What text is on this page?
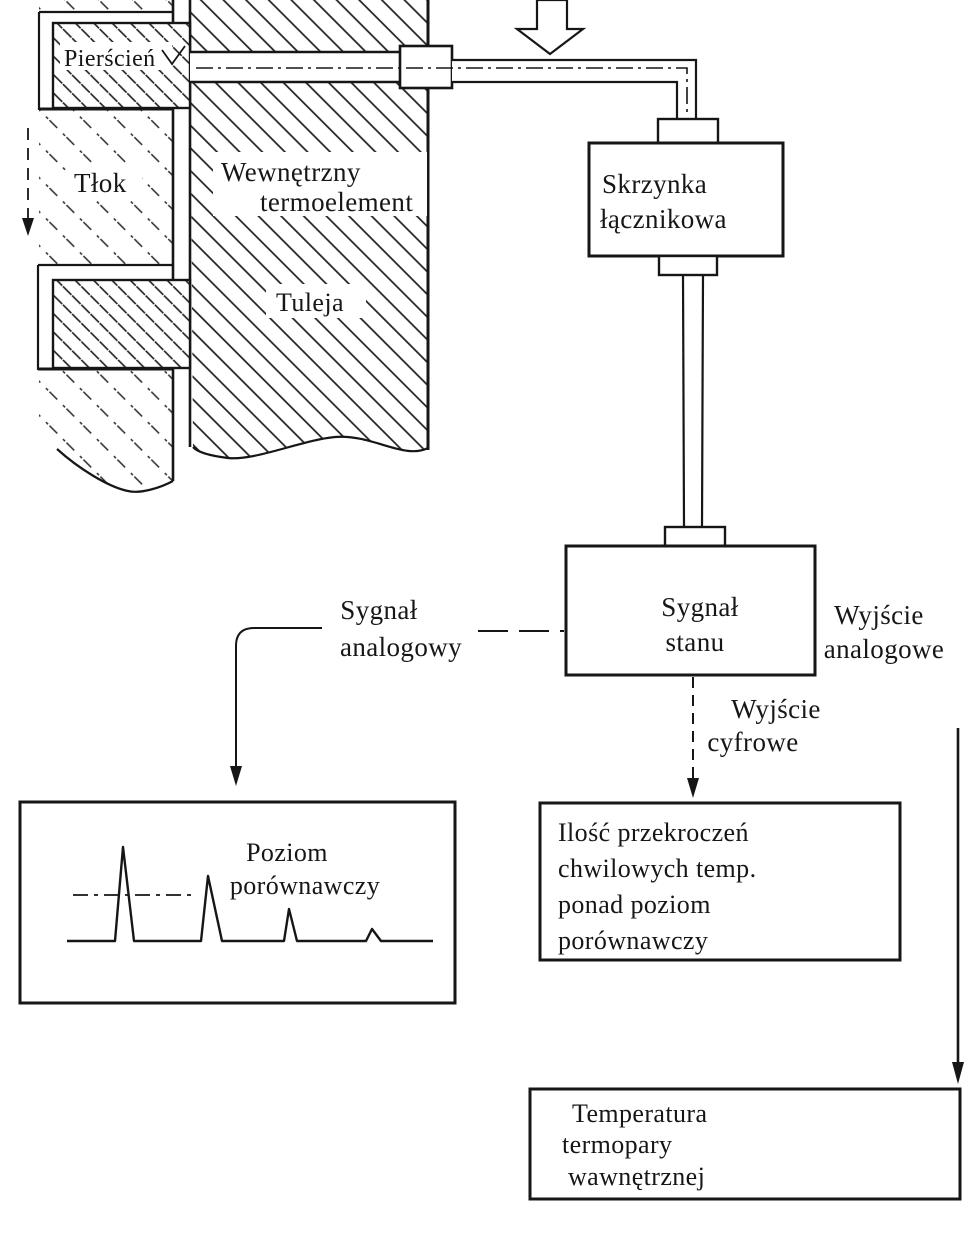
Skrzynka
łącznikowa
Sygnał
stanu
Sygnał
analogowy
Wyjście
analogowe
Wyjście
cyfrowe
Ilość przekroczeń
chwilowych temp.
ponad poziom
porównawczy
Poziom
porównawczy
Temperatura
termopary
wawnętrznej
Pierścień
Tłok	Wewnętrzny
termoelement
Tuleja
